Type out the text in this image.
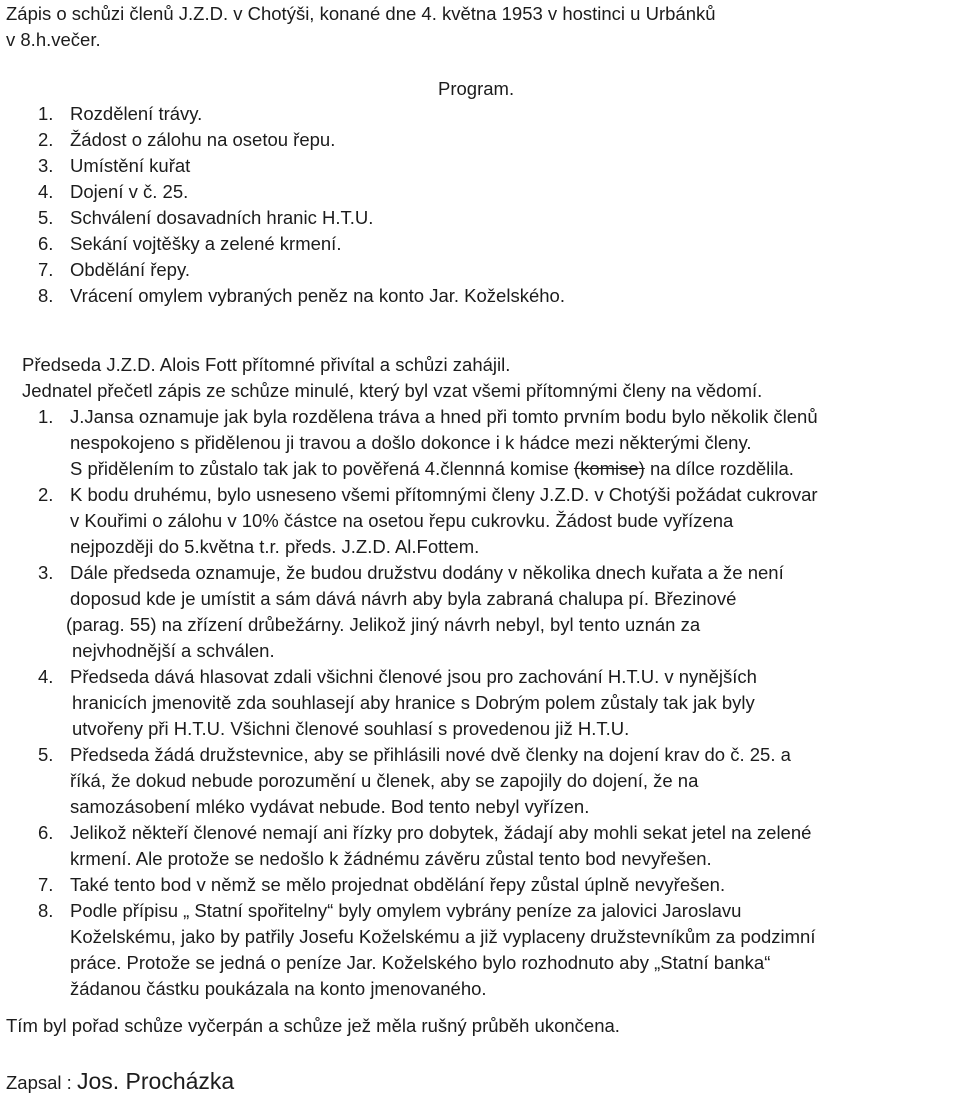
Zápis o schůzi členů J.Z.D. v Chotýši, konané dne 4. května 1953 v hostinci u Urbánků
v 8.h.večer.
Program.
1. Rozdělení trávy.
2. Žádost o zálohu na osetou řepu.
3. Umístění kuřat
4. Dojení v č. 25.
5. Schválení dosavadních hranic H.T.U.
6. Sekání vojtěšky a zelené krmení.
7. Obdělání řepy.
8. Vrácení omylem vybraných peněz na konto Jar. Koželského.
Předseda J.Z.D. Alois Fott přítomné přivítal a schůzi zahájil.
Jednatel přečetl zápis ze schůze minulé, který byl vzat všemi přítomnými členy na vědomí.
1. J.Jansa oznamuje jak byla rozdělena tráva a hned při tomto prvním bodu bylo několik členů
nespokojeno s přidělenou ji travou a došlo dokonce i k hádce mezi některými členy.
S přidělením to zůstalo tak jak to pověřená 4.člennná komise (komise) na dílce rozdělila.
2. K bodu druhému, bylo usneseno všemi přítomnými členy J.Z.D. v Chotýši požádat cukrovar
v Kouřimi o zálohu v 10% částce na osetou řepu cukrovku. Žádost bude vyřízena
nejpozději do 5.května t.r. předs. J.Z.D. Al.Fottem.
3. Dále předseda oznamuje, že budou družstvu dodány v několika dnech kuřata a že není
doposud kde je umístit a sám dává návrh aby byla zabraná chalupa pí. Březinové
(parag. 55) na zřízení drůbežárny. Jelikož jiný návrh nebyl, byl tento uznán za
nejvhodnější a schválen.
4. Předseda dává hlasovat zdali všichni členové jsou pro zachování H.T.U. v nynějších
hranicích jmenovitě zda souhlasejí aby hranice s Dobrým polem zůstaly tak jak byly
utvořeny při H.T.U. Všichni členové souhlasí s provedenou již H.T.U.
5. Předseda žádá družstevnice, aby se přihlásili nové dvě členky na dojení krav do č. 25. a
říká, že dokud nebude porozumění u členek, aby se zapojily do dojení, že na
samozásobení mléko vydávat nebude. Bod tento nebyl vyřízen.
6. Jelikož někteří členové nemají ani řízky pro dobytek, žádají aby mohli sekat jetel na zelené
krmení. Ale protože se nedošlo k žádnému závěru zůstal tento bod nevyřešen.
7. Také tento bod v němž se mělo projednat obdělání řepy zůstal úplně nevyřešen.
8. Podle přípisu „ Statní spořitelny“ byly omylem vybrány peníze za jalovici Jaroslavu
Koželskému, jako by patřily Josefu Koželskému a již vyplaceny družstevníkům za podzimní
práce. Protože se jedná o peníze Jar. Koželského bylo rozhodnuto aby „Statní banka“
žádanou částku poukázala na konto jmenovaného.
Tím byl pořad schůze vyčerpán a schůze jež měla rušný průběh ukončena.
Zapsal : Jos. Procházka
